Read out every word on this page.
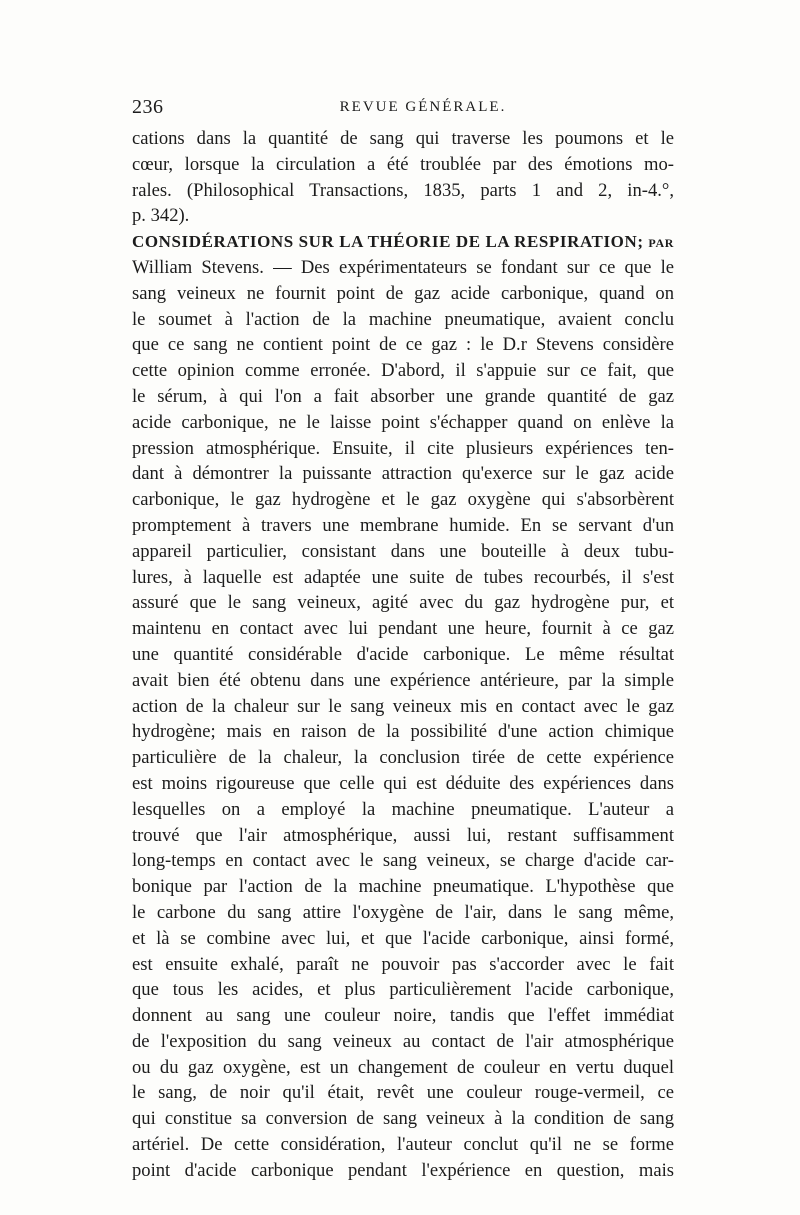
236	REVUE GÉNÉRALE.
cations dans la quantité de sang qui traverse les poumons et le
cœur, lorsque la circulation a été troublée par des émotions mo-
rales. (Philosophical Transactions, 1835, parts 1 and 2, in-4.°,
p. 342).
CONSIDÉRATIONS SUR LA THÉORIE DE LA RESPIRATION; par
William Stevens. — Des expérimentateurs se fondant sur ce que le
sang veineux ne fournit point de gaz acide carbonique, quand on
le soumet à l'action de la machine pneumatique, avaient conclu
que ce sang ne contient point de ce gaz : le D.r Stevens considère
cette opinion comme erronée. D'abord, il s'appuie sur ce fait, que
le sérum, à qui l'on a fait absorber une grande quantité de gaz
acide carbonique, ne le laisse point s'échapper quand on enlève la
pression atmosphérique. Ensuite, il cite plusieurs expériences ten-
dant à démontrer la puissante attraction qu'exerce sur le gaz acide
carbonique, le gaz hydrogène et le gaz oxygène qui s'absorbèrent
promptement à travers une membrane humide. En se servant d'un
appareil particulier, consistant dans une bouteille à deux tubu-
lures, à laquelle est adaptée une suite de tubes recourbés, il s'est
assuré que le sang veineux, agité avec du gaz hydrogène pur, et
maintenu en contact avec lui pendant une heure, fournit à ce gaz
une quantité considérable d'acide carbonique. Le même résultat
avait bien été obtenu dans une expérience antérieure, par la simple
action de la chaleur sur le sang veineux mis en contact avec le gaz
hydrogène; mais en raison de la possibilité d'une action chimique
particulière de la chaleur, la conclusion tirée de cette expérience
est moins rigoureuse que celle qui est déduite des expériences dans
lesquelles on a employé la machine pneumatique. L'auteur a
trouvé que l'air atmosphérique, aussi lui, restant suffisamment
long-temps en contact avec le sang veineux, se charge d'acide car-
bonique par l'action de la machine pneumatique. L'hypothèse que
le carbone du sang attire l'oxygène de l'air, dans le sang même,
et là se combine avec lui, et que l'acide carbonique, ainsi formé,
est ensuite exhalé, paraît ne pouvoir pas s'accorder avec le fait
que tous les acides, et plus particulièrement l'acide carbonique,
donnent au sang une couleur noire, tandis que l'effet immédiat
de l'exposition du sang veineux au contact de l'air atmosphérique
ou du gaz oxygène, est un changement de couleur en vertu duquel
le sang, de noir qu'il était, revêt une couleur rouge-vermeil, ce
qui constitue sa conversion de sang veineux à la condition de sang
artériel. De cette considération, l'auteur conclut qu'il ne se forme
point d'acide carbonique pendant l'expérience en question, mais
